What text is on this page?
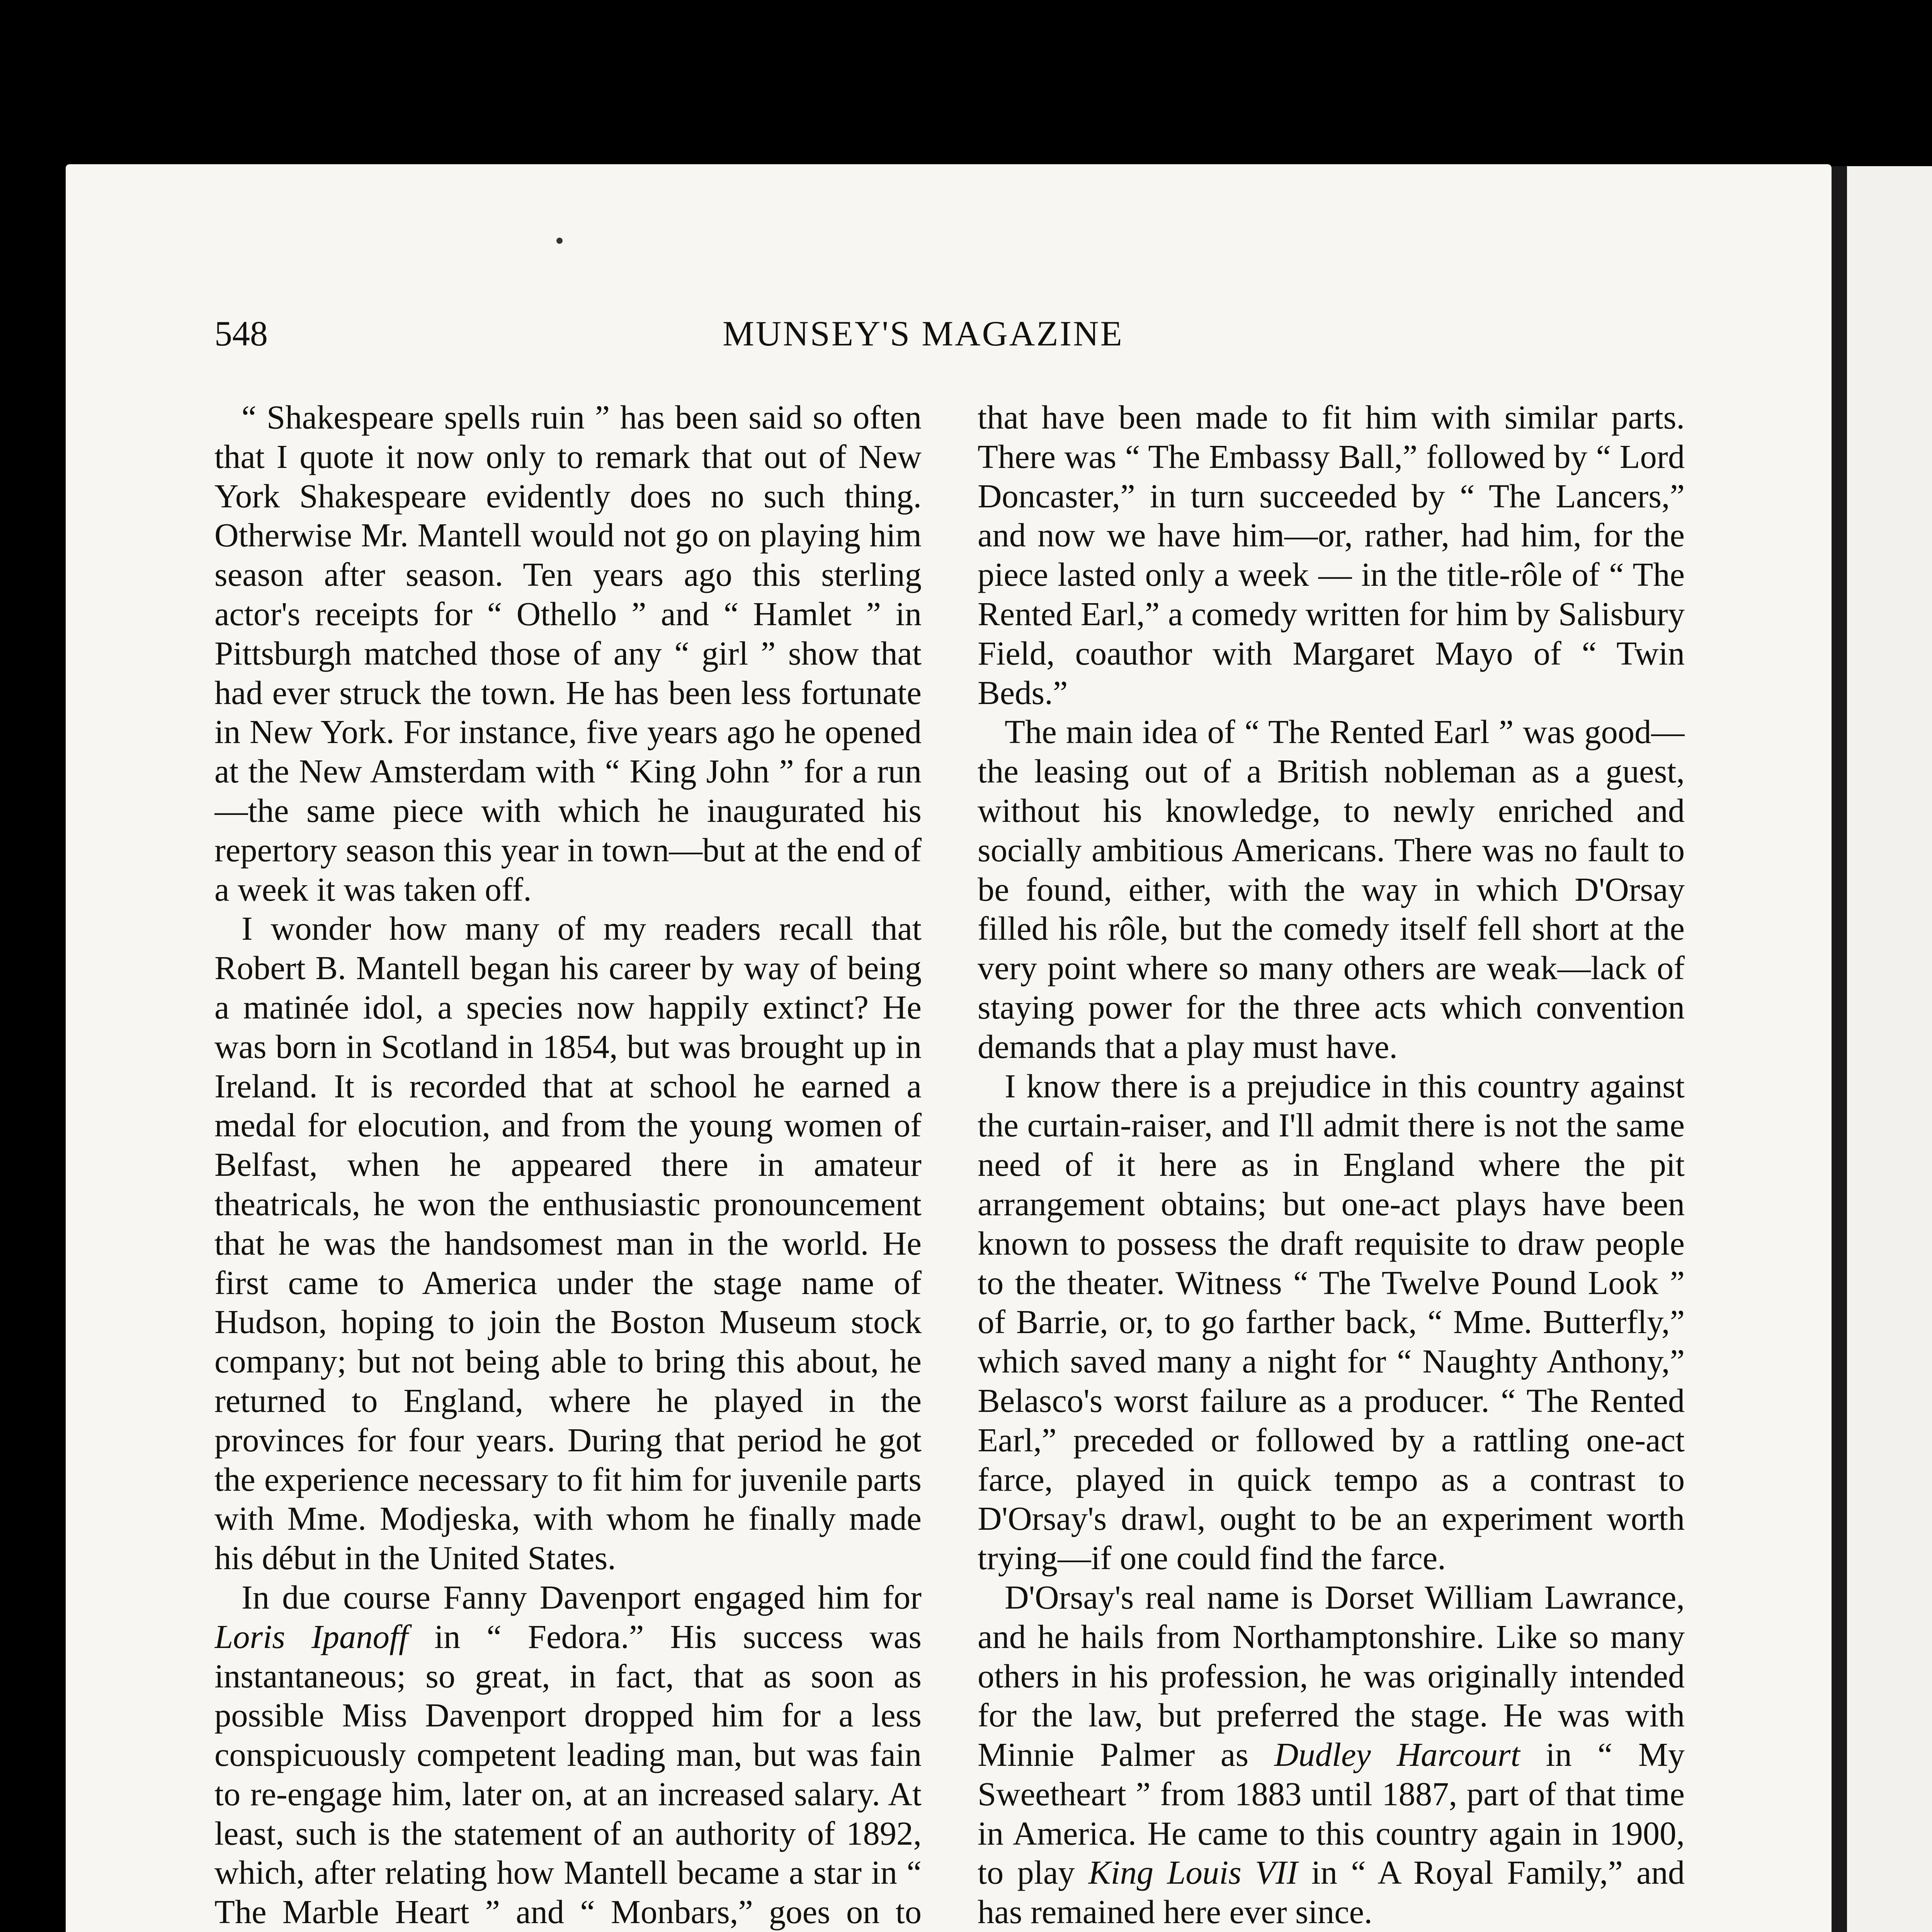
548	MUNSEY'S MAGAZINE

“ Shakespeare spells ruin ” has been said so often that I quote it now only to remark that out of New York Shakespeare evidently does no such thing. Otherwise Mr. Mantell would not go on playing him season after season. Ten years ago this sterling actor's receipts for “ Othello ” and “ Hamlet ” in Pittsburgh matched those of any “ girl ” show that had ever struck the town. He has been less fortunate in New York. For instance, five years ago he opened at the New Amsterdam with “ King John ” for a run—the same piece with which he inaugurated his repertory season this year in town—but at the end of a week it was taken off.

I wonder how many of my readers recall that Robert B. Mantell began his career by way of being a matinée idol, a species now happily extinct? He was born in Scotland in 1854, but was brought up in Ireland. It is recorded that at school he earned a medal for elocution, and from the young women of Belfast, when he appeared there in amateur theatricals, he won the enthusiastic pronouncement that he was the handsomest man in the world. He first came to America under the stage name of Hudson, hoping to join the Boston Museum stock company; but not being able to bring this about, he returned to England, where he played in the provinces for four years. During that period he got the experience necessary to fit him for juvenile parts with Mme. Modjeska, with whom he finally made his début in the United States.

In due course Fanny Davenport engaged him for Loris Ipanoff in “ Fedora.” His success was instantaneous; so great, in fact, that as soon as possible Miss Davenport dropped him for a less conspicuously competent leading man, but was fain to re-engage him, later on, at an increased salary. At least, such is the statement of an authority of 1892, which, after relating how Mantell became a star in “ The Marble Heart ” and “ Monbars,” goes on to

that have been made to fit him with similar parts. There was “ The Embassy Ball,” followed by “ Lord Doncaster,” in turn succeeded by “ The Lancers,” and now we have him—or, rather, had him, for the piece lasted only a week — in the title-rôle of “ The Rented Earl,” a comedy written for him by Salisbury Field, coauthor with Margaret Mayo of “ Twin Beds.”

The main idea of “ The Rented Earl ” was good—the leasing out of a British nobleman as a guest, without his knowledge, to newly enriched and socially ambitious Americans. There was no fault to be found, either, with the way in which D'Orsay filled his rôle, but the comedy itself fell short at the very point where so many others are weak—lack of staying power for the three acts which convention demands that a play must have.

I know there is a prejudice in this country against the curtain-raiser, and I'll admit there is not the same need of it here as in England where the pit arrangement obtains; but one-act plays have been known to possess the draft requisite to draw people to the theater. Witness “ The Twelve Pound Look ” of Barrie, or, to go farther back, “ Mme. Butterfly,” which saved many a night for “ Naughty Anthony,” Belasco's worst failure as a producer. “ The Rented Earl,” preceded or followed by a rattling one-act farce, played in quick tempo as a contrast to D'Orsay's drawl, ought to be an experiment worth trying—if one could find the farce.

D'Orsay's real name is Dorset William Lawrance, and he hails from Northamptonshire. Like so many others in his profession, he was originally intended for the law, but preferred the stage. He was with Minnie Palmer as Dudley Harcourt in “ My Sweetheart ” from 1883 until 1887, part of that time in America. He came to this country again in 1900, to play King Louis VII in “ A Royal Family,” and has remained here ever since.
